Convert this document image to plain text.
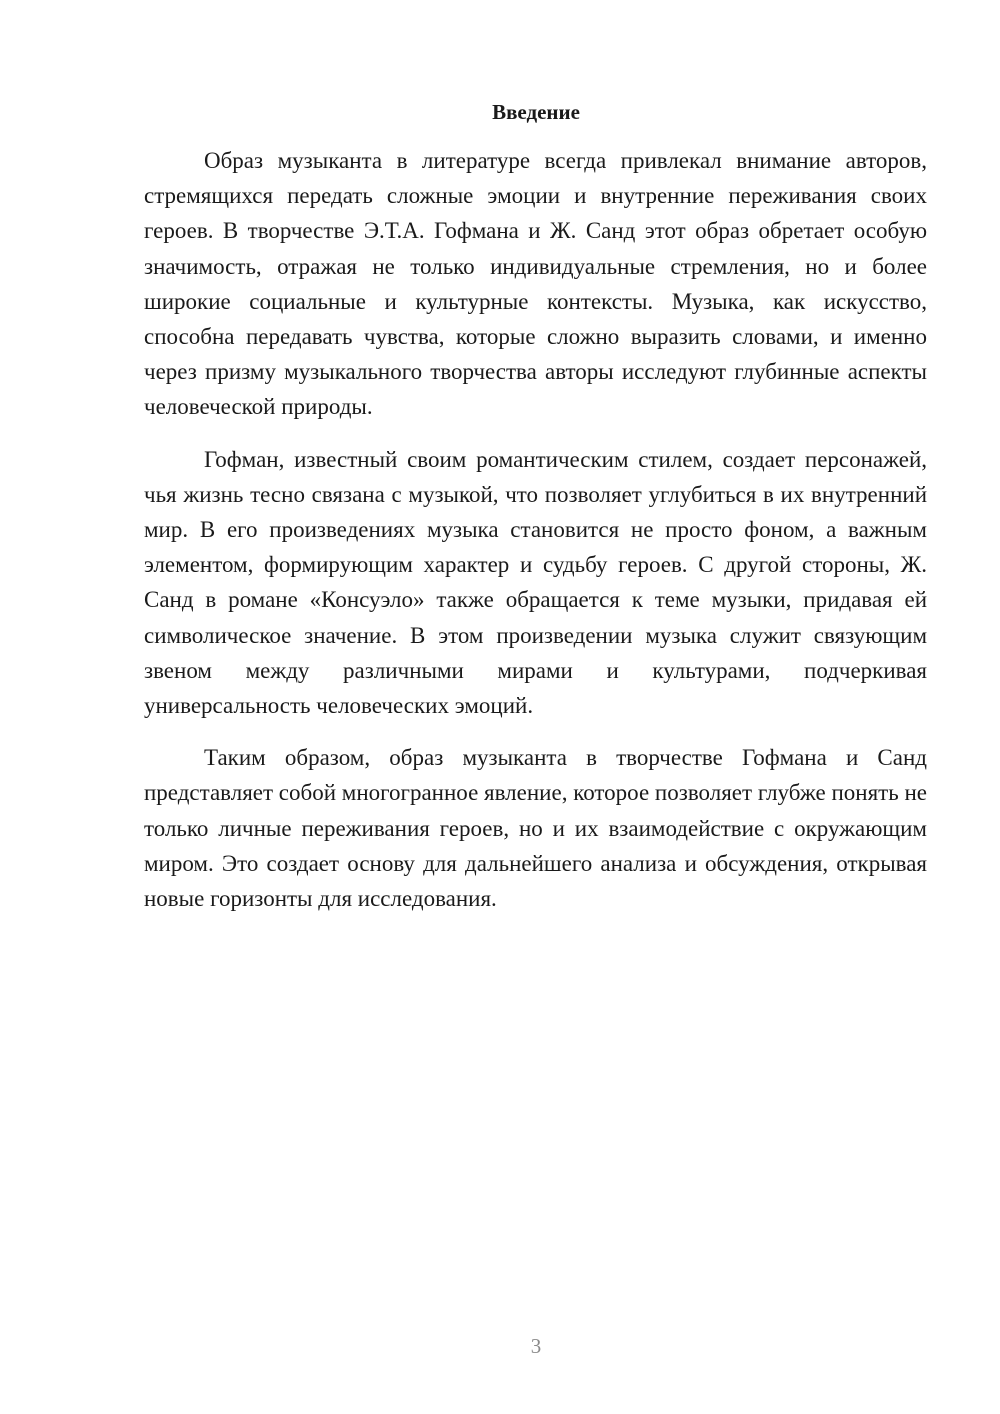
Введение

Образ музыканта в литературе всегда привлекал внимание авторов, стремящихся передать сложные эмоции и внутренние переживания своих героев. В творчестве Э.Т.А. Гофмана и Ж. Санд этот образ обретает особую значимость, отражая не только индивидуальные стремления, но и более широкие социальные и культурные контексты. Музыка, как искусство, способна передавать чувства, которые сложно выразить словами, и именно через призму музыкального творчества авторы исследуют глубинные аспекты человеческой природы.

Гофман, известный своим романтическим стилем, создает персонажей, чья жизнь тесно связана с музыкой, что позволяет углубиться в их внутренний мир. В его произведениях музыка становится не просто фоном, а важным элементом, формирующим характер и судьбу героев. С другой стороны, Ж. Санд в романе «Консуэло» также обращается к теме музыки, придавая ей символическое значение. В этом произведении музыка служит связующим звеном между различными мирами и культурами, подчеркивая универсальность человеческих эмоций.

Таким образом, образ музыканта в творчестве Гофмана и Санд представляет собой многогранное явление, которое позволяет глубже понять не только личные переживания героев, но и их взаимодействие с окружающим миром. Это создает основу для дальнейшего анализа и обсуждения, открывая новые горизонты для исследования.

3
